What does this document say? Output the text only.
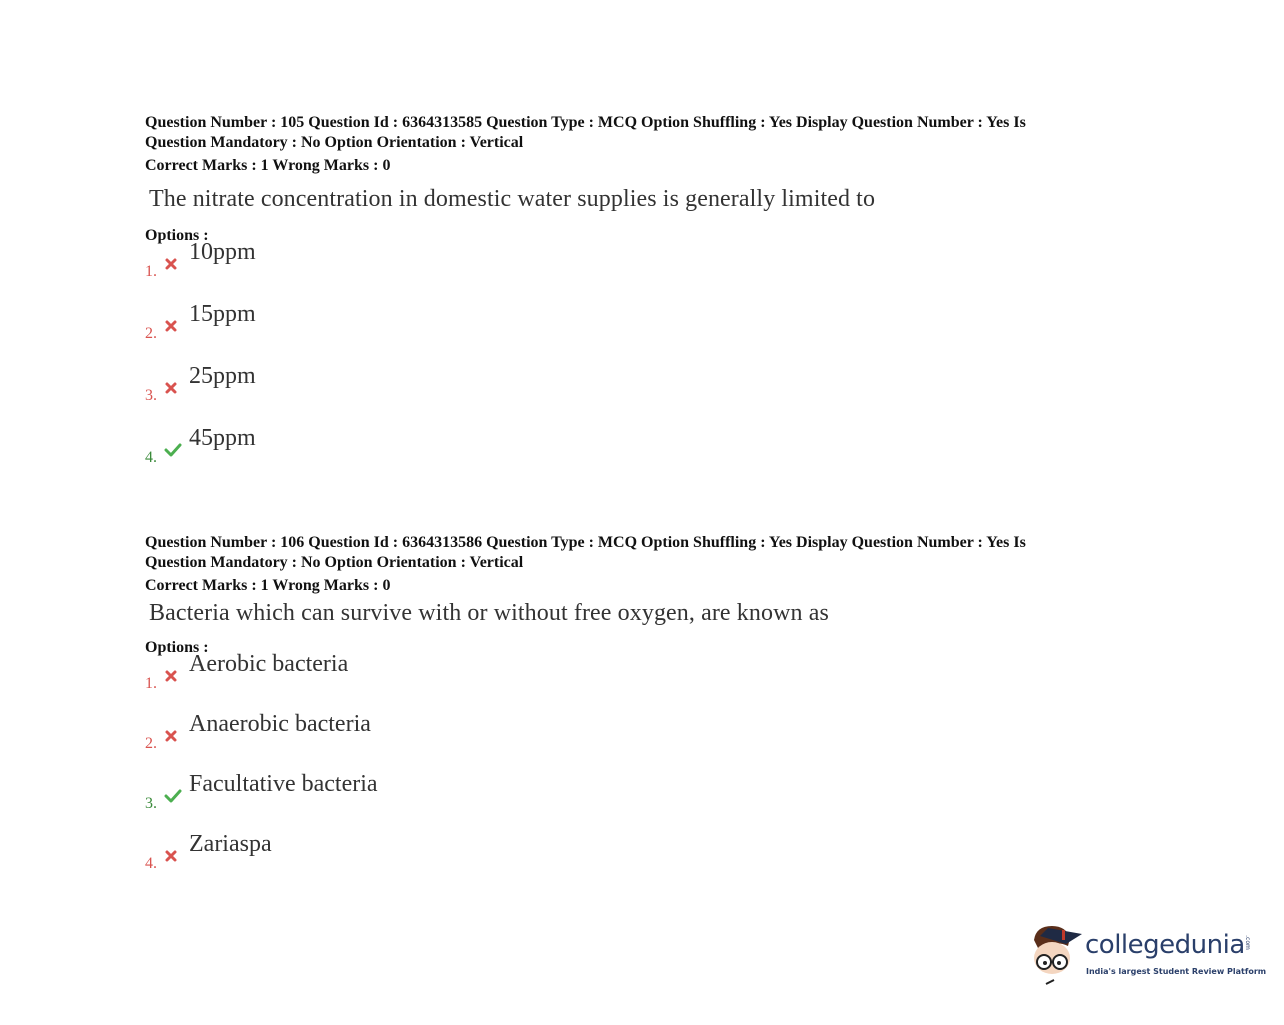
Question Number : 105 Question Id : 6364313585 Question Type : MCQ Option Shuffling : Yes Display Question Number : Yes Is
Question Mandatory : No Option Orientation : Vertical

Correct Marks : 1 Wrong Marks : 0

The nitrate concentration in domestic water supplies is generally limited to

Options :

1.
10ppm
2.
15ppm
3.
25ppm
4.
45ppm

Question Number : 106 Question Id : 6364313586 Question Type : MCQ Option Shuffling : Yes Display Question Number : Yes Is
Question Mandatory : No Option Orientation : Vertical

Correct Marks : 1 Wrong Marks : 0

Bacteria which can survive with or without free oxygen, are known as

Options :

1.
Aerobic bacteria
2.
Anaerobic bacteria
3.
Facultative bacteria
4.
Zariaspa
collegedunia .com
India's largest Student Review Platform
